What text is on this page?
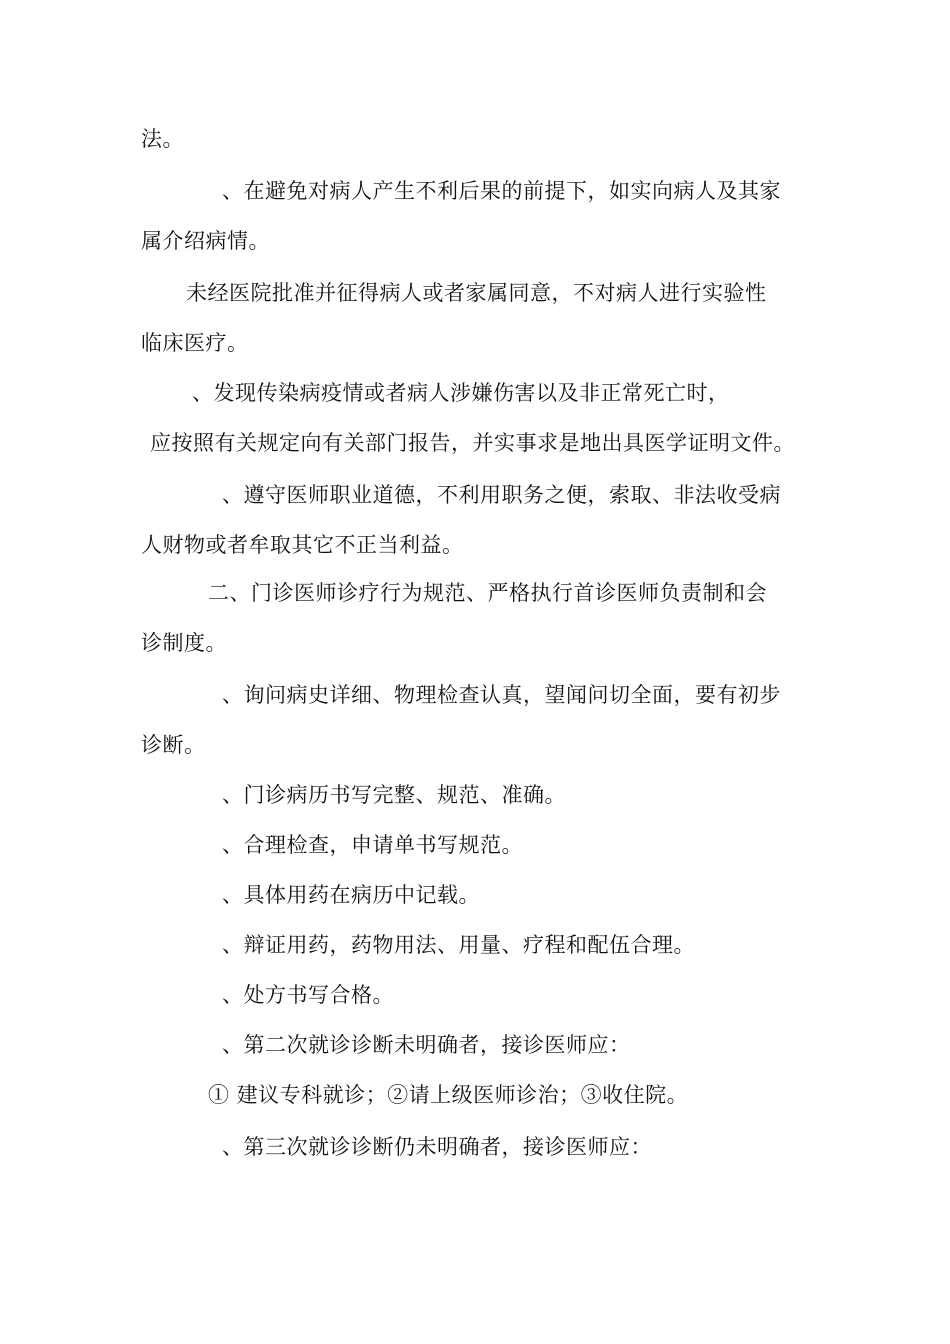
法。
、在避免对病人产生不利后果的前提下，如实向病人及其家
属介绍病情。
未经医院批准并征得病人或者家属同意，不对病人进行实验性
临床医疗。
、发现传染病疫情或者病人涉嫌伤害以及非正常死亡时，
应按照有关规定向有关部门报告，并实事求是地出具医学证明文件。
、遵守医师职业道德，不利用职务之便，索取、非法收受病
人财物或者牟取其它不正当利益。
二、门诊医师诊疗行为规范、严格执行首诊医师负责制和会
诊制度。
、询问病史详细、物理检查认真，望闻问切全面，要有初步
诊断。
、门诊病历书写完整、规范、准确。
、合理检查，申请单书写规范。
、具体用药在病历中记载。
、辩证用药，药物用法、用量、疗程和配伍合理。
、处方书写合格。
、第二次就诊诊断未明确者，接诊医师应：
① 建议专科就诊；②请上级医师诊治；③收住院。
、第三次就诊诊断仍未明确者，接诊医师应：
